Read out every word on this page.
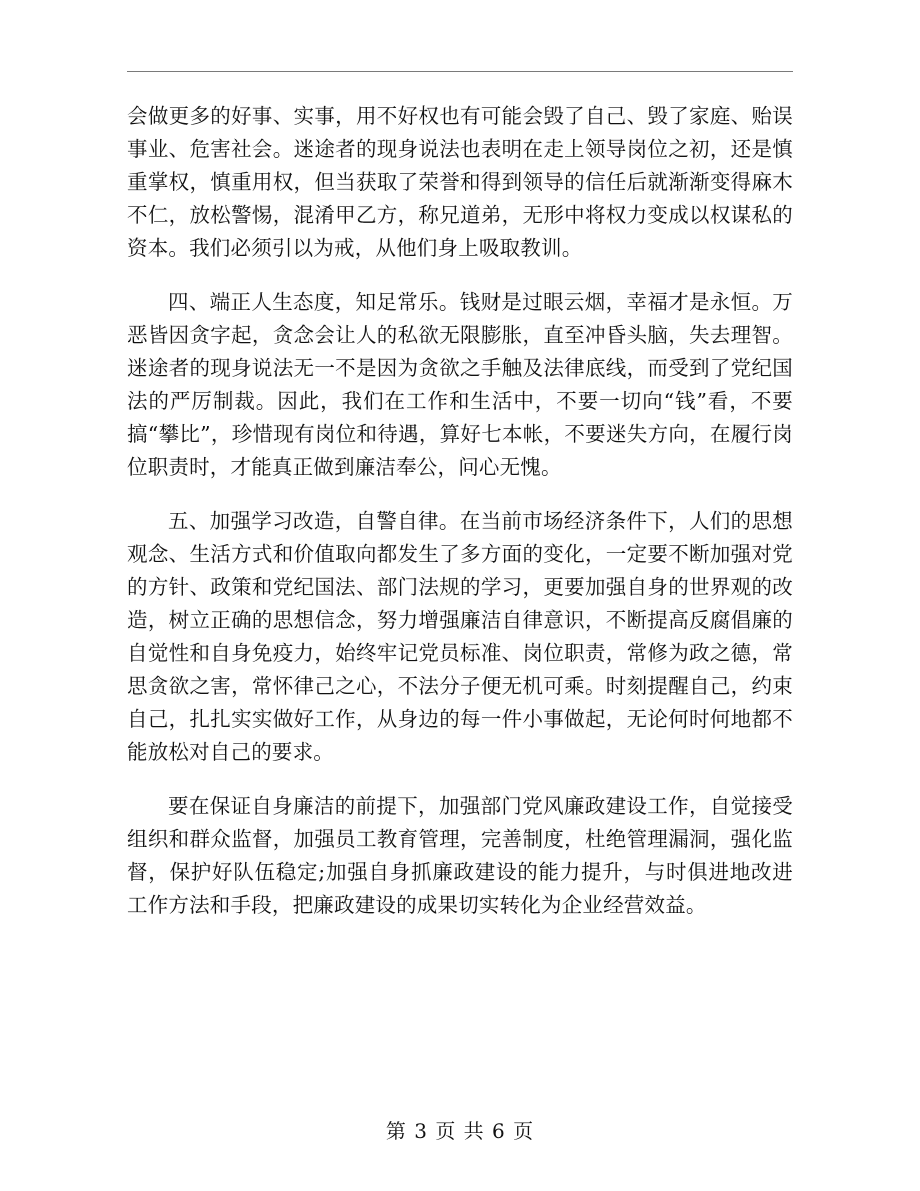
会做更多的好事、实事，用不好权也有可能会毁了自己、毁了家庭、贻误事业、危害社会。迷途者的现身说法也表明在走上领导岗位之初，还是慎重掌权，慎重用权，但当获取了荣誉和得到领导的信任后就渐渐变得麻木不仁，放松警惕，混淆甲乙方，称兄道弟，无形中将权力变成以权谋私的资本。我们必须引以为戒，从他们身上吸取教训。

四、端正人生态度，知足常乐。钱财是过眼云烟，幸福才是永恒。万恶皆因贪字起，贪念会让人的私欲无限膨胀，直至冲昏头脑，失去理智。迷途者的现身说法无一不是因为贪欲之手触及法律底线，而受到了党纪国法的严厉制裁。因此，我们在工作和生活中，不要一切向“钱”看，不要搞“攀比”，珍惜现有岗位和待遇，算好七本帐，不要迷失方向，在履行岗位职责时，才能真正做到廉洁奉公，问心无愧。

五、加强学习改造，自警自律。在当前市场经济条件下，人们的思想观念、生活方式和价值取向都发生了多方面的变化，一定要不断加强对党的方针、政策和党纪国法、部门法规的学习，更要加强自身的世界观的改造，树立正确的思想信念，努力增强廉洁自律意识，不断提高反腐倡廉的自觉性和自身免疫力，始终牢记党员标准、岗位职责，常修为政之德，常思贪欲之害，常怀律己之心，不法分子便无机可乘。时刻提醒自己，约束自己，扎扎实实做好工作，从身边的每一件小事做起，无论何时何地都不能放松对自己的要求。

要在保证自身廉洁的前提下，加强部门党风廉政建设工作，自觉接受组织和群众监督，加强员工教育管理，完善制度，杜绝管理漏洞，强化监督，保护好队伍稳定;加强自身抓廉政建设的能力提升，与时俱进地改进工作方法和手段，把廉政建设的成果切实转化为企业经营效益。

第 3 页 共 6 页
